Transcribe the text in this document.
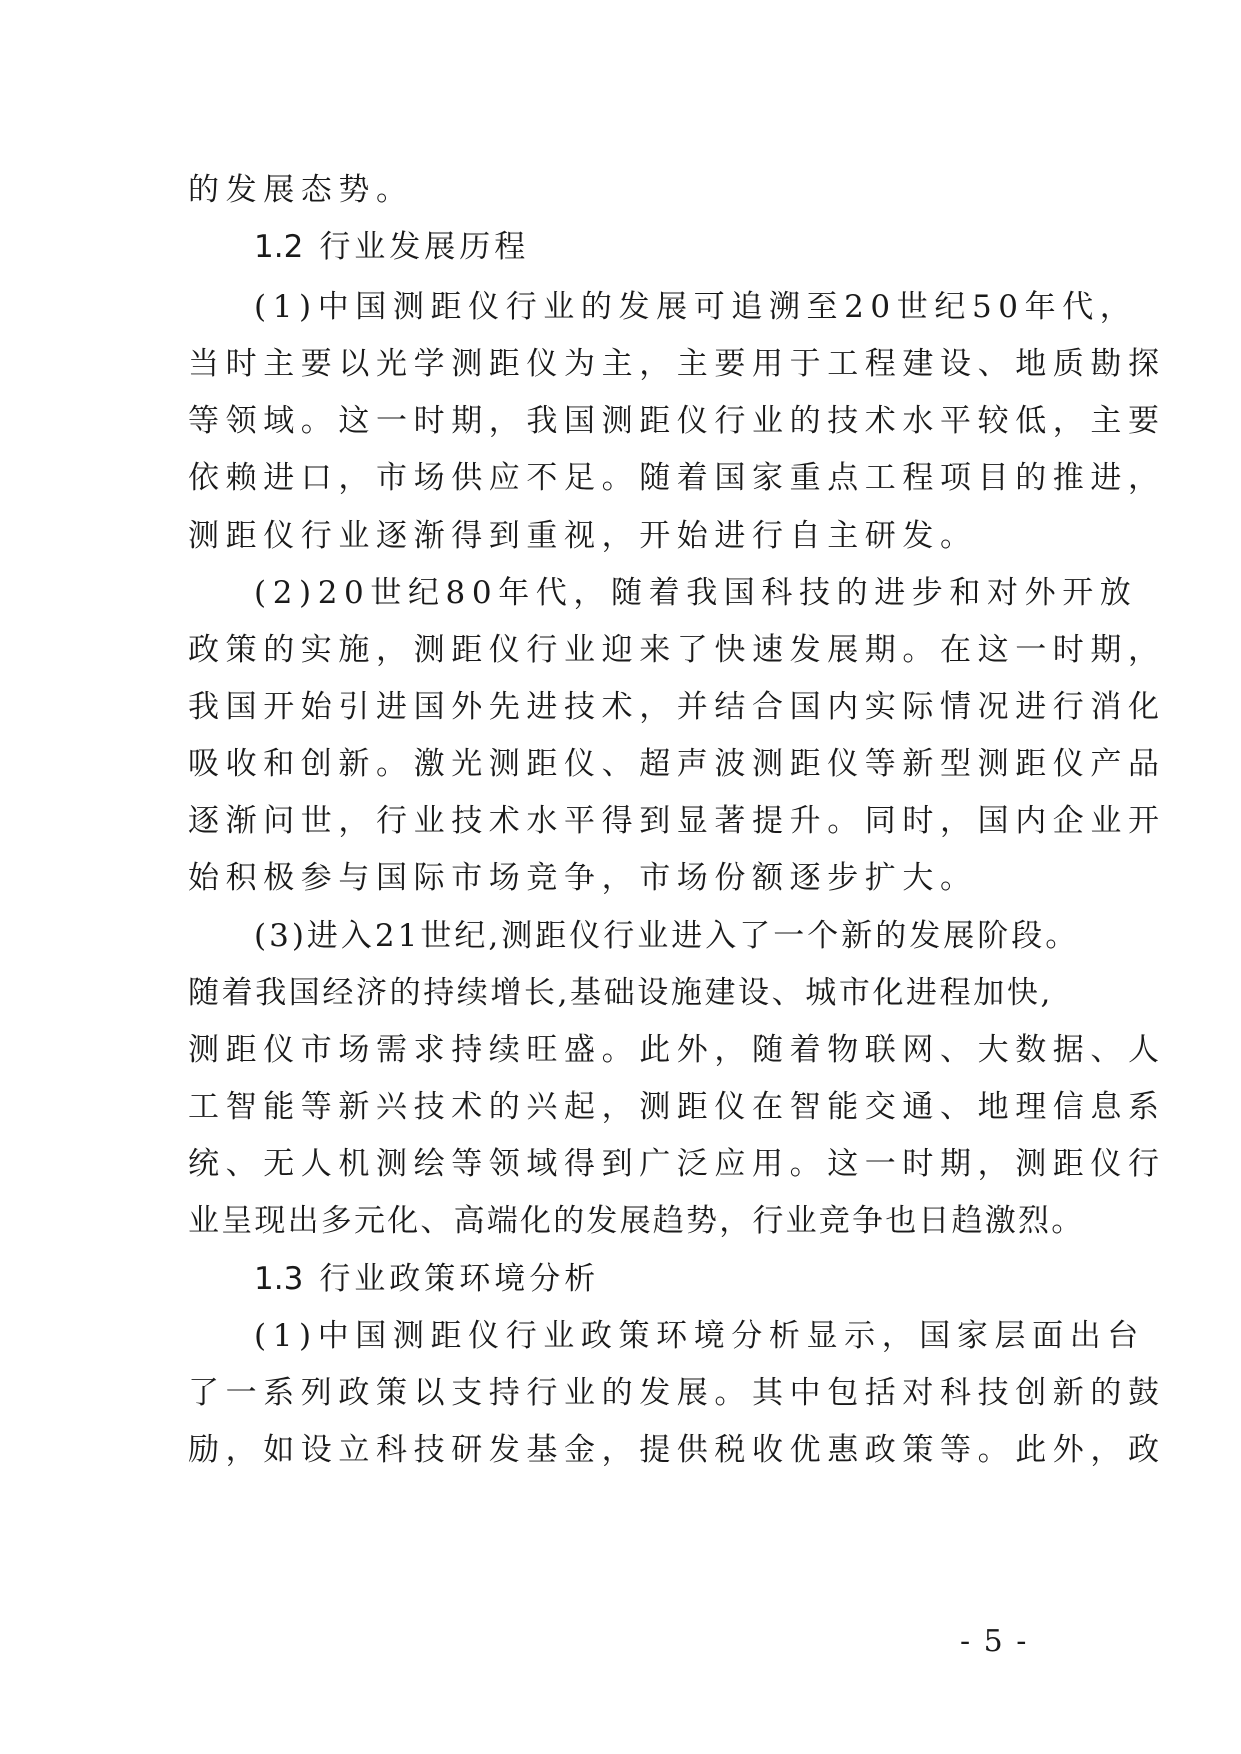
的发展态势。
1.2 行业发展历程
(1)中国测距仪行业的发展可追溯至20世纪50年代，
当时主要以光学测距仪为主，主要用于工程建设、地质勘探
等领域。这一时期，我国测距仪行业的技术水平较低，主要
依赖进口，市场供应不足。随着国家重点工程项目的推进，
测距仪行业逐渐得到重视，开始进行自主研发。
(2)20世纪80年代，随着我国科技的进步和对外开放
政策的实施，测距仪行业迎来了快速发展期。在这一时期，
我国开始引进国外先进技术，并结合国内实际情况进行消化
吸收和创新。激光测距仪、超声波测距仪等新型测距仪产品
逐渐问世，行业技术水平得到显著提升。同时，国内企业开
始积极参与国际市场竞争，市场份额逐步扩大。
(3)进入21世纪,测距仪行业进入了一个新的发展阶段。
随着我国经济的持续增长,基础设施建设、城市化进程加快,
测距仪市场需求持续旺盛。此外，随着物联网、大数据、人
工智能等新兴技术的兴起，测距仪在智能交通、地理信息系
统、无人机测绘等领域得到广泛应用。这一时期，测距仪行
业呈现出多元化、高端化的发展趋势，行业竞争也日趋激烈。
1.3 行业政策环境分析
(1)中国测距仪行业政策环境分析显示，国家层面出台
了一系列政策以支持行业的发展。其中包括对科技创新的鼓
励，如设立科技研发基金，提供税收优惠政策等。此外，政
- 5 -
